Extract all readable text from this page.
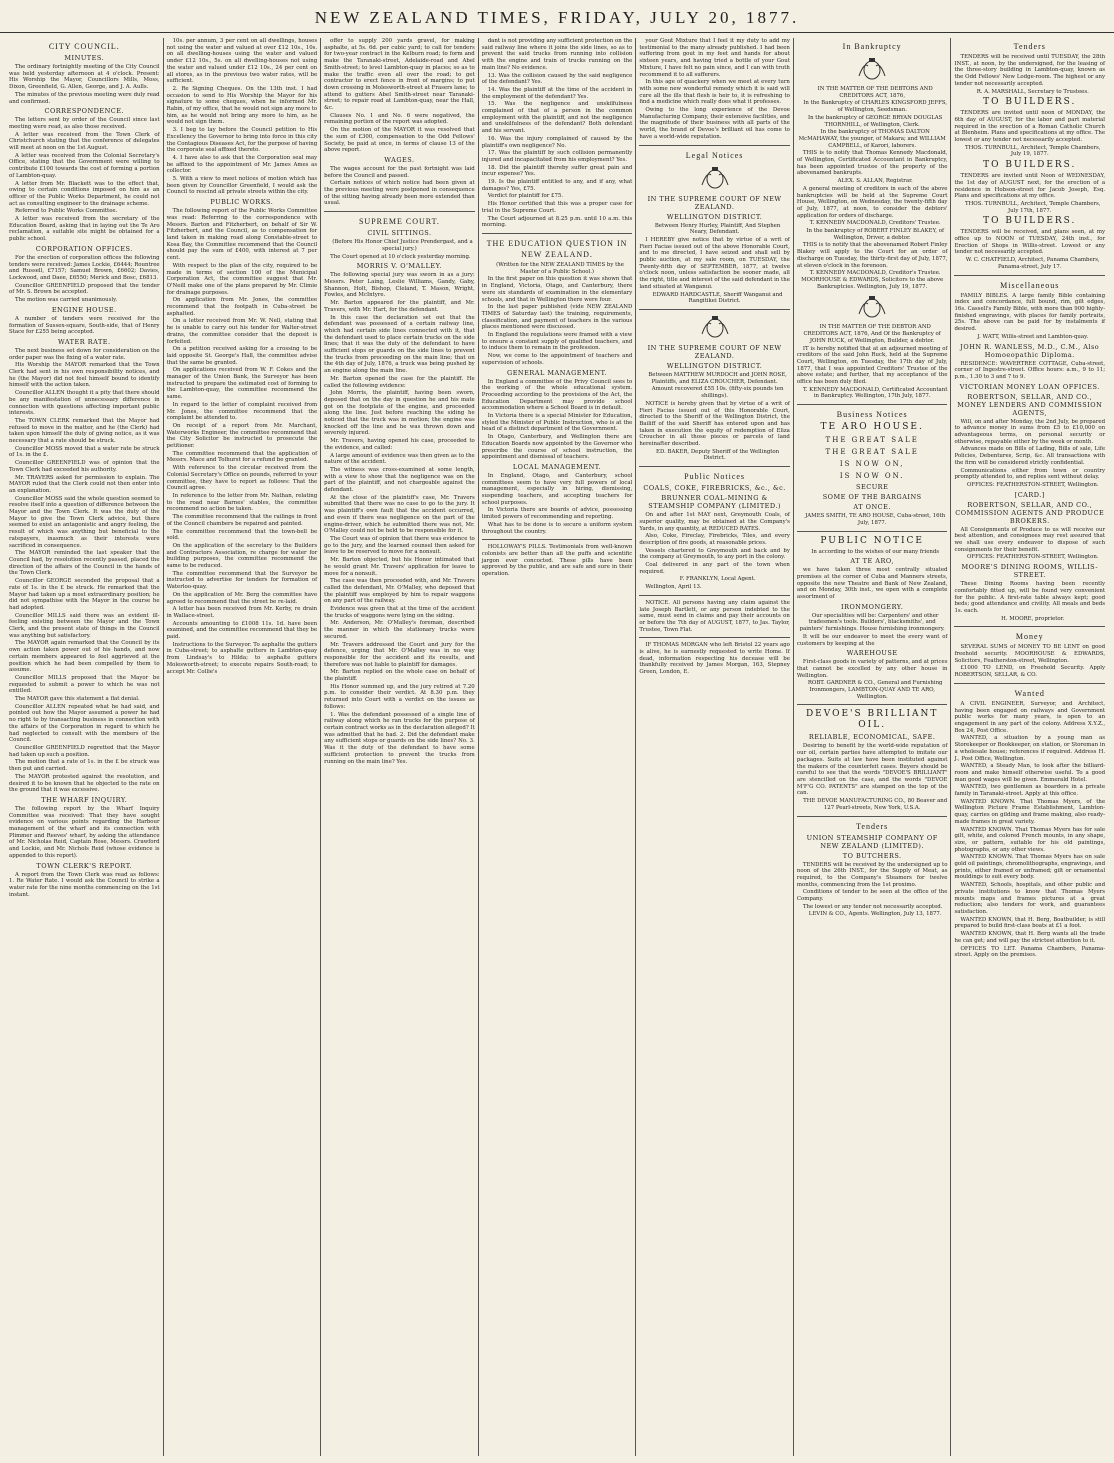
NEW ZEALAND TIMES, FRIDAY, JULY 20, 1877.
CITY COUNCIL.
MINUTES.

The ordinary fortnightly meeting of the City Council was held yesterday afternoon at 4 o'clock. Present: His Worship the Mayor, Councillors Mills, Moss, Dixon, Greenfield, G. Allen, George, and J. A. Aulls.

The minutes of the previous meeting were duly read and confirmed.

CORRESPONDENCE.

The letters sent by order of the Council since last meeting were read, as also those received.

A letter was received from the Town Clerk of Christchurch stating that the conference of delegates will meet at noon on the 1st August.

A letter was received from the Colonial Secretary's Office, stating that the Government were willing to contribute £100 towards the cost of forming a portion of Lambton-quay.

A letter from Mr. Blackett was to the effect that, owing to certain conditions imposed on him as an officer of the Public Works Department, he could not act as consulting engineer to the drainage scheme.

Referred to Public Works Committee.

A letter was received from the secretary of the Education Board, asking that in laying out the Te Aro reclamation, a suitable site might be obtained for a public school.

CORPORATION OFFICES.

For the erection of corporation offices the following tenders were received: James Lockie, £6444; Rountree and Russell, £7157; Samuel Brown, £6602; Davies, Lockwood, and Daee, £6550; Merick and Bosc, £6813.

Councillor GREENFIELD proposed that the tender of Mr. S. Brown be accepted.

The motion was carried unanimously.

ENGINE HOUSE.

A number of tenders were received for the formation of Sussex-square, South-side, that of Henry Stace for £255 being accepted.

WATER RATE.

The next business set down for consideration on the order paper was the fixing of a water rate.

His Worship the MAYOR remarked that the Town Clerk had sent in his own responsibility notices, and he (the Mayor) did not feel himself bound to identify himself with the action taken.

Councillor ALLEN thought it a pity that there should be any manifestation of unnecessary difference in connection with questions affecting important public interests.

The TOWN CLERK remarked that the Mayor had refused to move in the matter, and he (the Clerk) had taken upon himself the duty of giving notice, as it was necessary that a rate should be struck.

Councillor MOSS moved that a water rate be struck of 1s. in the £.

Councillor GREENFIELD was of opinion that the Town Clerk had exceeded his authority.

Mr. TRAVERS asked for permission to explain. The MAYOR ruled that the Clerk could not then enter into an explanation.

Councillor MOSS said the whole question seemed to resolve itself into a question of difference between the Mayor and the Town Clerk. It was the duty of the Mayor to give the Town Clerk advice, but there seemed to exist an antagonistic and angry feeling, the result of which was anything but beneficial to the ratepayers, inasmuch as their interests were sacrificed in consequence.

The MAYOR reminded the last speaker that the Council had, by resolution recently passed, placed the direction of the affairs of the Council in the hands of the Town Clerk.

Councillor GEORGE seconded the proposal that a rate of 1s. in the £ be struck. He remarked that the Mayor had taken up a most extraordinary position; he did not sympathise with the Mayor in the course he had adopted.

Councillor MILLS said there was an evident ill-feeling existing between the Mayor and the Town Clerk, and the present state of things in the Council was anything but satisfactory.

The MAYOR again remarked that the Council by its own action taken power out of his hands, and now certain members appeared to feel aggrieved at the position which he had been compelled by them to assume.

Councillor MILLS proposed that the Mayor be requested to submit a power to which he was not entitled.

The MAYOR gave this statement a flat denial.

Councillor ALLEN repeated what he had said, and pointed out how the Mayor assumed a power he had no right to by transacting business in connection with the affairs of the Corporation in regard to which he had neglected to consult with the members of the Council.

Councillor GREENFIELD regretted that the Mayor had taken up such a position.

The motion that a rate of 1s. in the £ be struck was then put and carried.

The MAYOR protested against the resolution, and desired it to be known that he objected to the rate on the ground that it was excessive.

THE WHARF INQUIRY.

The following report by the Wharf Inquiry Committee was received: That they have sought evidence on various points regarding the Harbour management of the wharf and its connection with Plimmer and Reeves' wharf, by asking the attendance of Mr. Nicholas Reid, Captain Rose, Messrs. Crawford and Lockie, and Mr. Nichols Reid (whose evidence is appended to this report).

TOWN CLERK'S REPORT.

A report from the Town Clerk was read as follows: 1. Re Water Rate. I would ask the Council to strike a water rate for the nine months commencing on the 1st instant.

10s. per annum, 3 per cent on all dwellings, houses not using the water and valued at over £12 10s., 10s. on all dwelling-houses using the water and valued under £12 10s., 5s. on all dwelling-houses not using the water and valued under £12 10s., 24 per cent on all stores, as in the previous two water rates, will be sufficient.

2. Re Signing Cheques. On the 13th inst. I had occasion to send to His Worship the Mayor for his signature to some cheques, when he informed Mr. Rabin, of my office, that he would not sign any more to him, as he would not bring any more to him, as he would not sign them.

3. I beg to lay before the Council petition to His Excellency the Governor to bring into force in this city the Contagious Diseases Act, for the purpose of having the corporate seal affixed thereto.

4. I have also to ask that the Corporation seal may be affixed to the appointment of Mr. James Ames as collector.

5. With a view to meet notices of motion which has been given by Councillor Greenfield, I would ask the Council to rescind all private streets within the city.

PUBLIC WORKS.

The following report of the Public Works Committee was read: Referring to the correspondence with Messrs. Barton and Fitzherbert, on behalf of Sir W. Fitzherbert, and the Council, as to compensation for land taken in making road along Constable-street to Kosa Bay, the Committee recommend that the Council should pay the sum of £400, with interest at 7 per cent.

With respect to the plan of the city, required to be made in terms of section 100 of the Municipal Corporation Act, the committee suggest that Mr. O'Neill make one of the plans prepared by Mr. Climie for drainage purposes.

On application from Mr. Jones, the committee recommend that the footpath in Cuba-street be asphalted.

On a letter received from Mr. W. Nell, stating that he is unable to carry out his tender for Walter-street drains, the committee consider that the deposit is forfeited.

On a petition received asking for a crossing to be laid opposite St. George's Hall, the committee advise that the same be granted.

On applications received from W. F. Cokes and the manager of the Union Bank, the Surveyor has been instructed to prepare the estimated cost of forming to the Lambton-quay, the committee recommend the same.

In regard to the letter of complaint received from Mr. Jones, the committee recommend that the complaint be attended to.

On receipt of a report from Mr. Marchant, Waterworks Engineer, the committee recommend that the City Solicitor be instructed to prosecute the petitioner.

The committee recommend that the application of Messrs. Mace and Tolhurst for a refund be granted.

With reference to the circular received from the Colonial Secretary's Office on pounds, referred to your committee, they have to report as follows: That the Council agree.

In reference to the letter from Mr. Nathan, relating to the road near Barnes' stables, the committee recommend no action be taken.

The committee recommend that the railings in front of the Council chambers be repaired and painted.

The committee recommend that the town-bell be sold.

On the application of the secretary to the Builders and Contractors Association, re charge for water for building purposes, the committee recommend the same to be reduced.

The committee recommend that the Surveyor be instructed to advertise for tenders for formation of Waterloo-quay.

On the application of Mr. Berg the committee have agreed to recommend that the street be re-laid.

A letter has been received from Mr. Kerby, re drain in Wallace-street.

Accounts amounting to £1008 11s. 1d. have been examined, and the committee recommend that they be paid.

Instructions to the Surveyor. To asphalte the gutters in Cuba-street; to asphalte gutters in Lambton-quay from Lindsay's to Hilda; to asphalte gutters Molesworth-street; to execute repairs South-road; to accept Mr. Collie's

offer to supply 200 yards gravel, for making asphalte, at 5s. 6d. per cubic yard; to call for tenders for two-year contract in the Kelburn road; to form and make the Taranaki-street, Adelaide-road and Abel Smith-street; to level Lambton-quay in places; so as to make the traffic even all over the road; to get contractor to erect fence in front of margins; to put down crossing in Molesworth-street at Frasers lane; to attend to gutters Abel Smith-street near Taranaki-street; to repair road at Lambton-quay, near the Hall, &c.

Clauses No. 1 and No. 6 were negatived, the remaining portion of the report was adopted.

On the motion of the MAYOR it was resolved that the sum of £300, compensation to the Odd Fellows' Society, be paid at once, in terms of clause 13 of the above report.

WAGES.

The wages account for the past fortnight was laid before the Council and passed.

Certain notices of which notice had been given at the previous meeting were postponed in consequence of the sitting having already been more extended than usual.

SUPREME COURT.
CIVIL SITTINGS.

(Before His Honor Chief Justice Prendergast, and a special jury.)

The Court opened at 10 o'clock yesterday morning.

MORRIS V. O'MALLEY.

The following special jury was sworn in as a jury: Messrs. Peter Laing, Leslie Williams, Gandy, Gaby, Shannon, Holt, Bishop, Cleland, T. Mason, Wright, Fowles, and McIntyre.

Mr. Barton appeared for the plaintiff, and Mr. Travers, with Mr. Hart, for the defendant.

In this case the declaration set out that the defendant was possessed of a certain railway line, which had certain side lines connected with it, that the defendant used to place certain trucks on the side lines; that it was the duty of the defendant to have sufficient stops or guards on the side lines to prevent the trucks from proceeding on the main line; that on the 4th day of July, 1876, a truck was being pushed by an engine along the main line.

Mr. Barton opened the case for the plaintiff. He called the following evidence:

John Morris, the plaintiff, having been sworn, deposed that on the day in question he and his mate got on the footplate of the engine, and proceeded along the line. Just before reaching the siding he noticed that the truck was in motion; the engine was knocked off the line and he was thrown down and severely injured.

Mr. Travers, having opened his case, proceeded to the evidence, and called:

A large amount of evidence was then given as to the nature of the accident.

The witness was cross-examined at some length, with a view to show that the negligence was on the part of the plaintiff, and not chargeable against the defendant.

At the close of the plaintiff's case, Mr. Travers submitted that there was no case to go to the jury. It was plaintiff's own fault that the accident occurred, and even if there was negligence on the part of the engine-driver, which he submitted there was not, Mr. O'Malley could not be held to be responsible for it.

The Court was of opinion that there was evidence to go to the jury, and the learned counsel then asked for leave to be reserved to move for a nonsuit.

Mr. Barton objected, but his Honor intimated that he would grant Mr. Travers' application for leave to move for a nonsuit.

The case was then proceeded with, and Mr. Travers called the defendant, Mr. O'Malley, who deposed that the plaintiff was employed by him to repair waggons on any part of the railway.

Evidence was given that at the time of the accident the trucks of waggons were lying on the siding.

Mr. Anderson, Mr. O'Malley's foreman, described the manner in which the stationary trucks were secured.

Mr. Travers addressed the Court and jury for the defence, urging that Mr. O'Malley was in no way responsible for the accident and its results, and therefore was not liable to plaintiff for damages.

Mr. Barton replied on the whole case on behalf of the plaintiff.

His Honor summed up, and the jury retired at 7.20 p.m. to consider their verdict. At 8.30 p.m. they returned into Court with a verdict on the issues as follows:

1. Was the defendant possessed of a single line of railway along which he ran trucks for the purpose of certain contract works as in the declaration alleged? It was admitted that he had. 2. Did the defendant make any sufficient stops or guards on the side lines? No. 3. Was it the duty of the defendant to have some sufficient protection to prevent the trucks from running on the main line? Yes.

dant is not providing any sufficient protection on the said railway line where it joins the side lines, so as to prevent the said trucks from running into collision with the engine and train of trucks running on the main line? No evidence.

13. Was the collision caused by the said negligence of the defendant? Yes.

14. Was the plaintiff at the time of the accident in the employment of the defendant? Yes.

15. Was the negligence and unskilfulness complained of that of a person in the common employment with the plaintiff, and not the negligence and unskilfulness of the defendant? Both defendant and his servant.

16. Was the injury complained of caused by the plaintiff's own negligence? No.

17. Was the plaintiff by such collision permanently injured and incapacitated from his employment? Yes.

18. Did the plaintiff thereby suffer great pain and incur expense? Yes.

19. Is the plaintiff entitled to any, and if any, what damages? Yes, £75.

Verdict for plaintiff for £75.

His Honor certified that this was a proper case for trial in the Supreme Court.

The Court adjourned at 8.25 p.m. until 10 a.m. this morning.

THE EDUCATION QUESTION IN NEW ZEALAND.

(Written for the NEW ZEALAND TIMES by the Master of a Public School.)

In the first paper on this question it was shown that in England, Victoria, Otago, and Canterbury, there were six standards of examination in the elementary schools, and that in Wellington there were four.

In the last paper published (vide NEW ZEALAND TIMES of Saturday last) the training, requirements, classification, and payment of teachers in the various places mentioned were discussed.

In England the regulations were framed with a view to ensure a constant supply of qualified teachers, and to induce them to remain in the profession.

Now, we come to the appointment of teachers and supervision of schools.

GENERAL MANAGEMENT.

In England a committee of the Privy Council sees to the working of the whole educational system. Proceeding according to the provisions of the Act, the Education Department may provide school accommodation where a School Board is in default.

In Victoria there is a special Minister for Education, styled the Minister of Public Instruction, who is at the head of a distinct department of the Government.

In Otago, Canterbury, and Wellington there are Education Boards now appointed by the Governor who prescribe the course of school instruction, the appointment and dismissal of teachers.

LOCAL MANAGEMENT.

In England, Otago, and Canterbury, school committees seem to have very full powers of local management, especially in hiring, dismissing, suspending teachers, and accepting teachers for school purposes.

In Victoria there are boards of advice, possessing limited powers of recommending and reporting.

What has to be done is to secure a uniform system throughout the country.

HOLLOWAY'S PILLS. Testimonials from well-known colonists are better than all the puffs and scientific jargon ever concocted. These pills have been approved by the public, and are safe and sure in their operation.

your Gout Mixture that I feel it my duty to add my testimonial to the many already published. I had been suffering from gout in my feet and hands for about sixteen years, and having tried a bottle of your Gout Mixture, I have felt no pain since, and I can with truth recommend it to all sufferers.

In this age of quackery when we meet at every turn with some new wonderful remedy which it is said will cure all the ills that flesh is heir to, it is refreshing to find a medicine which really does what it professes.

Owing to the long experience of the Devoe Manufacturing Company, their extensive facilities, and the magnitude of their business with all parts of the world, the brand of Devoe's brilliant oil has come to have a world-wide reputation.

Legal Notices
IN THE SUPREME COURT OF NEW ZEALAND.
WELLINGTON DISTRICT.

Between Henry Hurley, Plaintiff, And Stephen Neary, Defendant.

I HEREBY give notice that by virtue of a writ of Fieri Facias issued out of the above Honorable Court, and to me directed, I have seized and shall sell by public auction, at my sale room, on TUESDAY, the Twenty-fifth day of SEPTEMBER, 1877, at twelve o'clock noon, unless satisfaction be sooner made, all the right, title and interest of the said defendant in the land situated at Wanganui.

EDWARD HARDCASTLE, Sheriff Wanganui and Rangitikei District.

IN THE SUPREME COURT OF NEW ZEALAND.
WELLINGTON DISTRICT.

Between MATTHEW MURDOCH and JOHN ROSE, Plaintiffs, and ELIZA CROUCHER, Defendant.

Amount recovered £55 10s. (fifty-six pounds ten shillings).

NOTICE is hereby given that by virtue of a writ of Fieri Facias issued out of this Honorable Court, directed to the Sheriff of the Wellington District, the Bailiff of the said Sheriff has entered upon and has taken in execution the equity of redemption of Eliza Croucher in all those pieces or parcels of land hereinafter described.

ED. BAKER, Deputy Sheriff of the Wellington District.

Public Notices
COALS, COKE, FIREBRICKS, &c., &c.
BRUNNER COAL-MINING & STEAMSHIP COMPANY (LIMITED.)

On and after 1st MAY next, Greymouth Coals, of superior quality, may be obtained at the Company's Yards, in any quantity, at REDUCED RATES.

Also, Coke, Fireclay, Firebricks, Tiles, and every description of fire goods, at reasonable prices.

Vessels chartered to Greymouth and back and by the company at Greymouth, to any port in the colony.

Coal delivered in any part of the town when required.

F. FRANKLYN, Local Agent.

Wellington, April 13.

NOTICE. All persons having any claim against the late Joseph Bartlett, or any person indebted to the same, must send in claims and pay their accounts on or before the 7th day of AUGUST, 1877, to Jas. Taylor, Trustee, Town Flat.

IF THOMAS MORGAN who left Bristol 22 years ago is alive, he is earnestly requested to write Home. If dead, information respecting his decease will be thankfully received by James Morgan, 163, Stepney Green, London, E.

In Bankruptcy

IN THE MATTER OF THE DEBTORS AND CREDITORS ACT, 1876,

In the Bankruptcy of CHARLES KINGSFORD JEFFS, of Wellington, Seedsman.

In the bankruptcy of GEORGE BRYAN DOUGLAS THORNHILL, of Wellington, Clerk.

In the bankruptcy of THOMAS DALTON McMAHAWAY, the younger, of Makara; and WILLIAM CAMPBELL, of Karori, laborers.

THIS is to notify that Thomas Kennedy Macdonald, of Wellington, Certificated Accountant in Bankruptcy, has been appointed trustee of the property of the abovenamed bankrupts.

ALEX. S. ALLAN, Registrar.

A general meeting of creditors in each of the above bankruptcies will be held at the Supreme Court House, Wellington, on Wednesday, the twenty-fifth day of July, 1877, at noon, to consider the debtors' application for orders of discharge.

T. KENNEDY MACDONALD, Creditors' Trustee.

In the bankruptcy of ROBERT FINLEY BLAKEY, of Wellington, Driver, a debtor.

THIS is to notify that the abovenamed Robert Finley Blakey will apply to the Court for an order of discharge on Tuesday, the thirty-first day of July, 1877, at eleven o'clock in the forenoon.

T. KENNEDY MACDONALD, Creditor's Trustee. MOORHOUSE & EDWARDS, Solicitors to the above Bankruptcies. Wellington, July 19, 1877.

IN THE MATTER OF THE DEBTOR AND CREDITORS ACT, 1876, And Of the Bankruptcy of JOHN RUCK, of Wellington, Builder, a debtor.

IT is hereby notified that at an adjourned meeting of creditors of the said John Ruck, held at the Supreme Court, Wellington, on Tuesday, the 17th day of July, 1877, that I was appointed Creditors' Trustee of the above estate; and further, that my acceptance of the office has been duly filed.

T. KENNEDY MACDONALD, Certificated Accountant in Bankruptcy. Wellington, 17th July, 1877.

Business Notices
TE ARO HOUSE.
THE GREAT SALE
THE GREAT SALE
IS NOW ON,
IS NOW ON.
SECURE
SOME OF THE BARGAINS
AT ONCE.

JAMES SMITH, TE ARO HOUSE, Cuba-street, 16th July, 1877.

PUBLIC NOTICE

In according to the wishes of our many friends

AT TE ARO,

we have taken three most centrally situated premises at the corner of Cuba and Manners streets, opposite the new Theatre and Bank of New Zealand, and on Monday, 30th inst., we open with a complete assortment of

IRONMONGERY.

Our specialities will be: Carpenters' and other tradesmen's tools. Builders', blacksmiths', and painters' furnishings. House furnishing ironmongery.

It will be our endeavor to meet the every want of customers by keeping at the

WAREHOUSE

First-class goods in variety of patterns, and at prices that cannot be excelled by any other house in Wellington.

ROBT. GARDNER & CO., General and Furnishing Ironmongers, LAMBTON-QUAY AND TE ARO, Wellington.

DEVOE'S BRILLIANT OIL.
RELIABLE, ECONOMICAL, SAFE.

Desiring to benefit by the world-wide reputation of our oil, certain parties have attempted to imitate our packages. Suits at law have been instituted against the makers of the counterfeit cases. Buyers should be careful to see that the words "DEVOE'S BRILLIANT" are stencilled on the case, and the words "DEVOE M'F'G CO. PATENTS" are stamped on the top of the can.

THE DEVOE MANUFACTURING CO., 80 Beaver and 127 Pearl-streets, New York, U.S.A.

Tenders
UNION STEAMSHIP COMPANY OF NEW ZEALAND (LIMITED).
TO BUTCHERS.

TENDERS will be received by the undersigned up to noon of the 26th INST., for the Supply of Meat, as required, to the Company's Steamers for twelve months, commencing from the 1st proximo.

Conditions of tender to be seen at the office of the Company.

The lowest or any tender not necessarily accepted.

LEVIN & CO., Agents. Wellington, July 13, 1877.

Tenders

TENDERS will be received until TUESDAY, the 28th INST., at noon, by the undersigned, for the leasing of the three-story building in Lambton-quay, known as the Odd Fellows' New Lodge-room. The highest or any tender not necessarily accepted.

R. A. MARSHALL, Secretary to Trustees.

TO BUILDERS.

TENDERS are invited until noon of MONDAY, the 6th day of AUGUST, for the labor and part material required in the erection of a Roman Catholic Church at Blenheim. Plans and specifications at my office. The lowest or any tender not necessarily accepted.

THOS. TURNBULL, Architect, Temple Chambers, July 19, 1877.

TO BUILDERS.

TENDERS are invited until Noon of WEDNESDAY, the 1st day of AUGUST next, for the erection of a residence in Hobson-street for Jacob Joseph, Esq. Plans and specifications at my office.

THOS. TURNBULL, Architect, Temple Chambers, July 17th, 1877.

TO BUILDERS.

TENDERS will be received, and plans seen, at my office up to NOON of TUESDAY, 24th inst., for Erection of Shops in Willis-street. Lowest or any tender not necessarily accepted.

W. C. CHATFIELD, Architect, Panama Chambers, Panama-street, July 17.

Miscellaneous

FAMILY BIBLES. A large family Bible containing index and concordance, full bound, rim, gilt edges, 16s. Cassell's Family Bible, with more than 900 highly-finished engravings, with places for family portraits, 25s. The above can be paid for by instalments if desired.

J. WATT, Willis-street and Lambton-quay.

JOHN R. WANLESS, M.D., C.M., Also Homoeopathic Diploma.

RESIDENCE: WAVERTREE COTTAGE, Cuba-street, corner of Ingestre-street. Office hours: a.m., 9 to 11; p.m., 1.30 to 3 and 7 to 9.

VICTORIAN MONEY LOAN OFFICES.
ROBERTSON, SELLAR, AND CO., MONEY LENDERS AND COMMISSION AGENTS,

Will, on and after Monday, the 2nd July, be prepared to advance money in sums from £5 to £10,000 on advantageous terms, on personal security or otherwise, repayable either by the week or month.

Advances made on Bills of Lading, Bills of sale, Life Policies, Debentures, Scrip, &c. All transactions with the firm will be considered strictly confidential.

Communications either from town or country promptly attended to, and replies sent without delay.

OFFICES: FEATHERSTON-STREET, Wellington.

[CARD.]
ROBERTSON, SELLAR, AND CO., COMMISSION AGENTS AND PRODUCE BROKERS.

All Consignments of Produce to us will receive our best attention, and consignees may rest assured that we shall use every endeavor to dispose of such consignments for their benefit.

OFFICES: FEATHERSTON-STREET, Wellington.

MOORE'S DINING ROOMS, WILLIS-STREET.

These Dining Rooms having been recently comfortably fitted up, will be found very convenient for the public. A first-rate table always kept; good beds; good attendance and civility. All meals and beds 1s. each.

H. MOORE, proprietor.

Money

SEVERAL SUMS of MONEY TO BE LENT on good freehold security. MOORHOUSE & EDWARDS, Solicitors, Featherston-street, Wellington.

£1000 TO LEND, on Freehold Security. Apply ROBERTSON, SELLAR, & CO.

Wanted

A CIVIL ENGINEER, Surveyor, and Architect, having been engaged on railways and Government public works for many years, is open to an engagement in any part of the colony. Address X.Y.Z., Box 24, Post Office.

WANTED, a situation by a young man as Storekeeper or Bookkeeper, on station, or Storeman in a wholesale house; references if required. Address H. J., Post Office, Wellington.

WANTED, a Steady Man, to look after the billiard-room and make himself otherwise useful. To a good man good wages will be given. Emmerald Hotel.

WANTED, two gentlemen as boarders in a private family in Taranaki-street. Apply at this office.

WANTED KNOWN. That Thomas Myers, of the Wellington Picture Frame Establishment, Lambton-quay, carries on gilding and frame making, also ready-made frames in great variety.

WANTED KNOWN. That Thomas Myers has for sale gilt, white, and colored French mounts, in any shape, size, or pattern, suitable for his old paintings, photographs, or any other views.

WANTED KNOWN. That Thomas Myers has on sale gold oil paintings, chromolithographs, engravings, and prints, either framed or unframed; gilt or ornamental mouldings to suit every body.

WANTED, Schools, hospitals, and other public and private institutions to know that Thomas Myers mounts maps and frames pictures at a great reduction; also tenders for work, and guarantees satisfaction.

WANTED KNOWN, that H. Berg, Boatbuilder, is still prepared to build first-class boats at £1 a foot.

WANTED KNOWN, that H. Berg wants all the trade he can get; and will pay the strictest attention to it.

OFFICES TO LET. Panama Chambers, Panama-street. Apply on the premises.
